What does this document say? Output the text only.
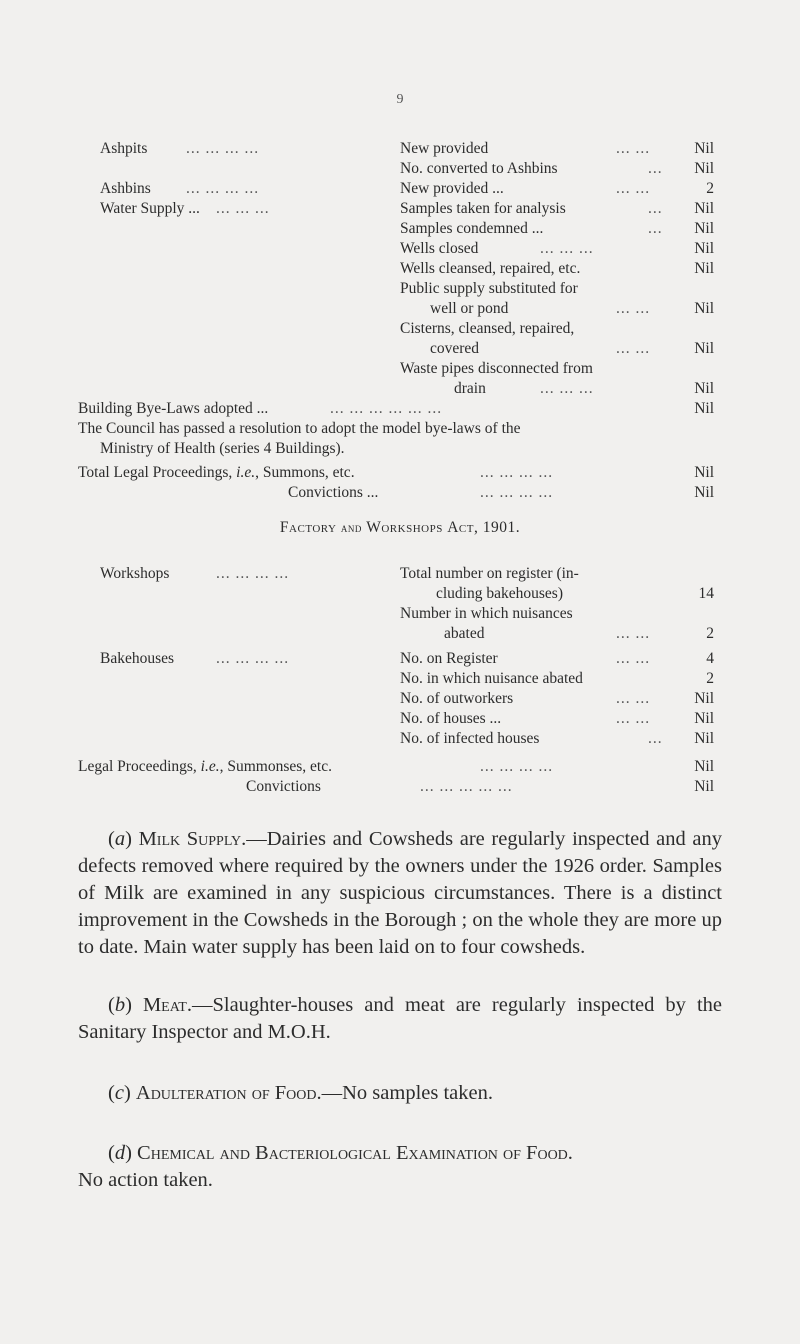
9
Ashpits ... ... ... ...	New provided	... ...	Nil
No. converted to Ashbins	... Nil
Ashbins ... ... ... ...	New provided ...	... ...	2
Water Supply ... ... ... ...	Samples taken for analysis	... Nil
Samples condemned ...	... Nil
Wells closed	... ... ...	Nil
Wells cleansed, repaired, etc.	Nil
Public supply substituted for
well or pond	... ...	Nil
Cisterns, cleansed, repaired,
covered	... ...	Nil
Waste pipes disconnected from
drain	... ... ...	Nil
Building Bye-Laws adopted ...	... ... ... ... ... ...	Nil
The Council has passed a resolution to adopt the model bye-laws of the
Ministry of Health (series 4 Buildings).
Total Legal Proceedings, i.e., Summons, etc.	... ... ... ...	Nil
Convictions ...	... ... ... ...	Nil
Factory and Workshops Act, 1901.
Workshops	... ... ... ...	Total number on register (in-
cluding bakehouses)	14
Number in which nuisances
abated	... ...	2
Bakehouses	... ... ... ...	No. on Register	... ...	4
No. in which nuisance abated	2
No. of outworkers	... ...	Nil
No. of houses ...	... ...	Nil
No. of infected houses	... Nil
Legal Proceedings, i.e., Summonses, etc.	... ... ... ...	Nil
Convictions	... ... ... ... ...	Nil

(a) Milk Supply.—Dairies and Cowsheds are regularly inspected and any defects removed where required by the owners under the 1926 order. Samples of Milk are examined in any suspicious circumstances. There is a distinct improvement in the Cowsheds in the Borough ; on the whole they are more up to date. Main water supply has been laid on to four cowsheds.

(b) Meat.—Slaughter-houses and meat are regularly inspected by the Sanitary Inspector and M.O.H.

(c) Adulteration of Food.—No samples taken.

(d) Chemical and Bacteriological Examination of Food.
No action taken.
